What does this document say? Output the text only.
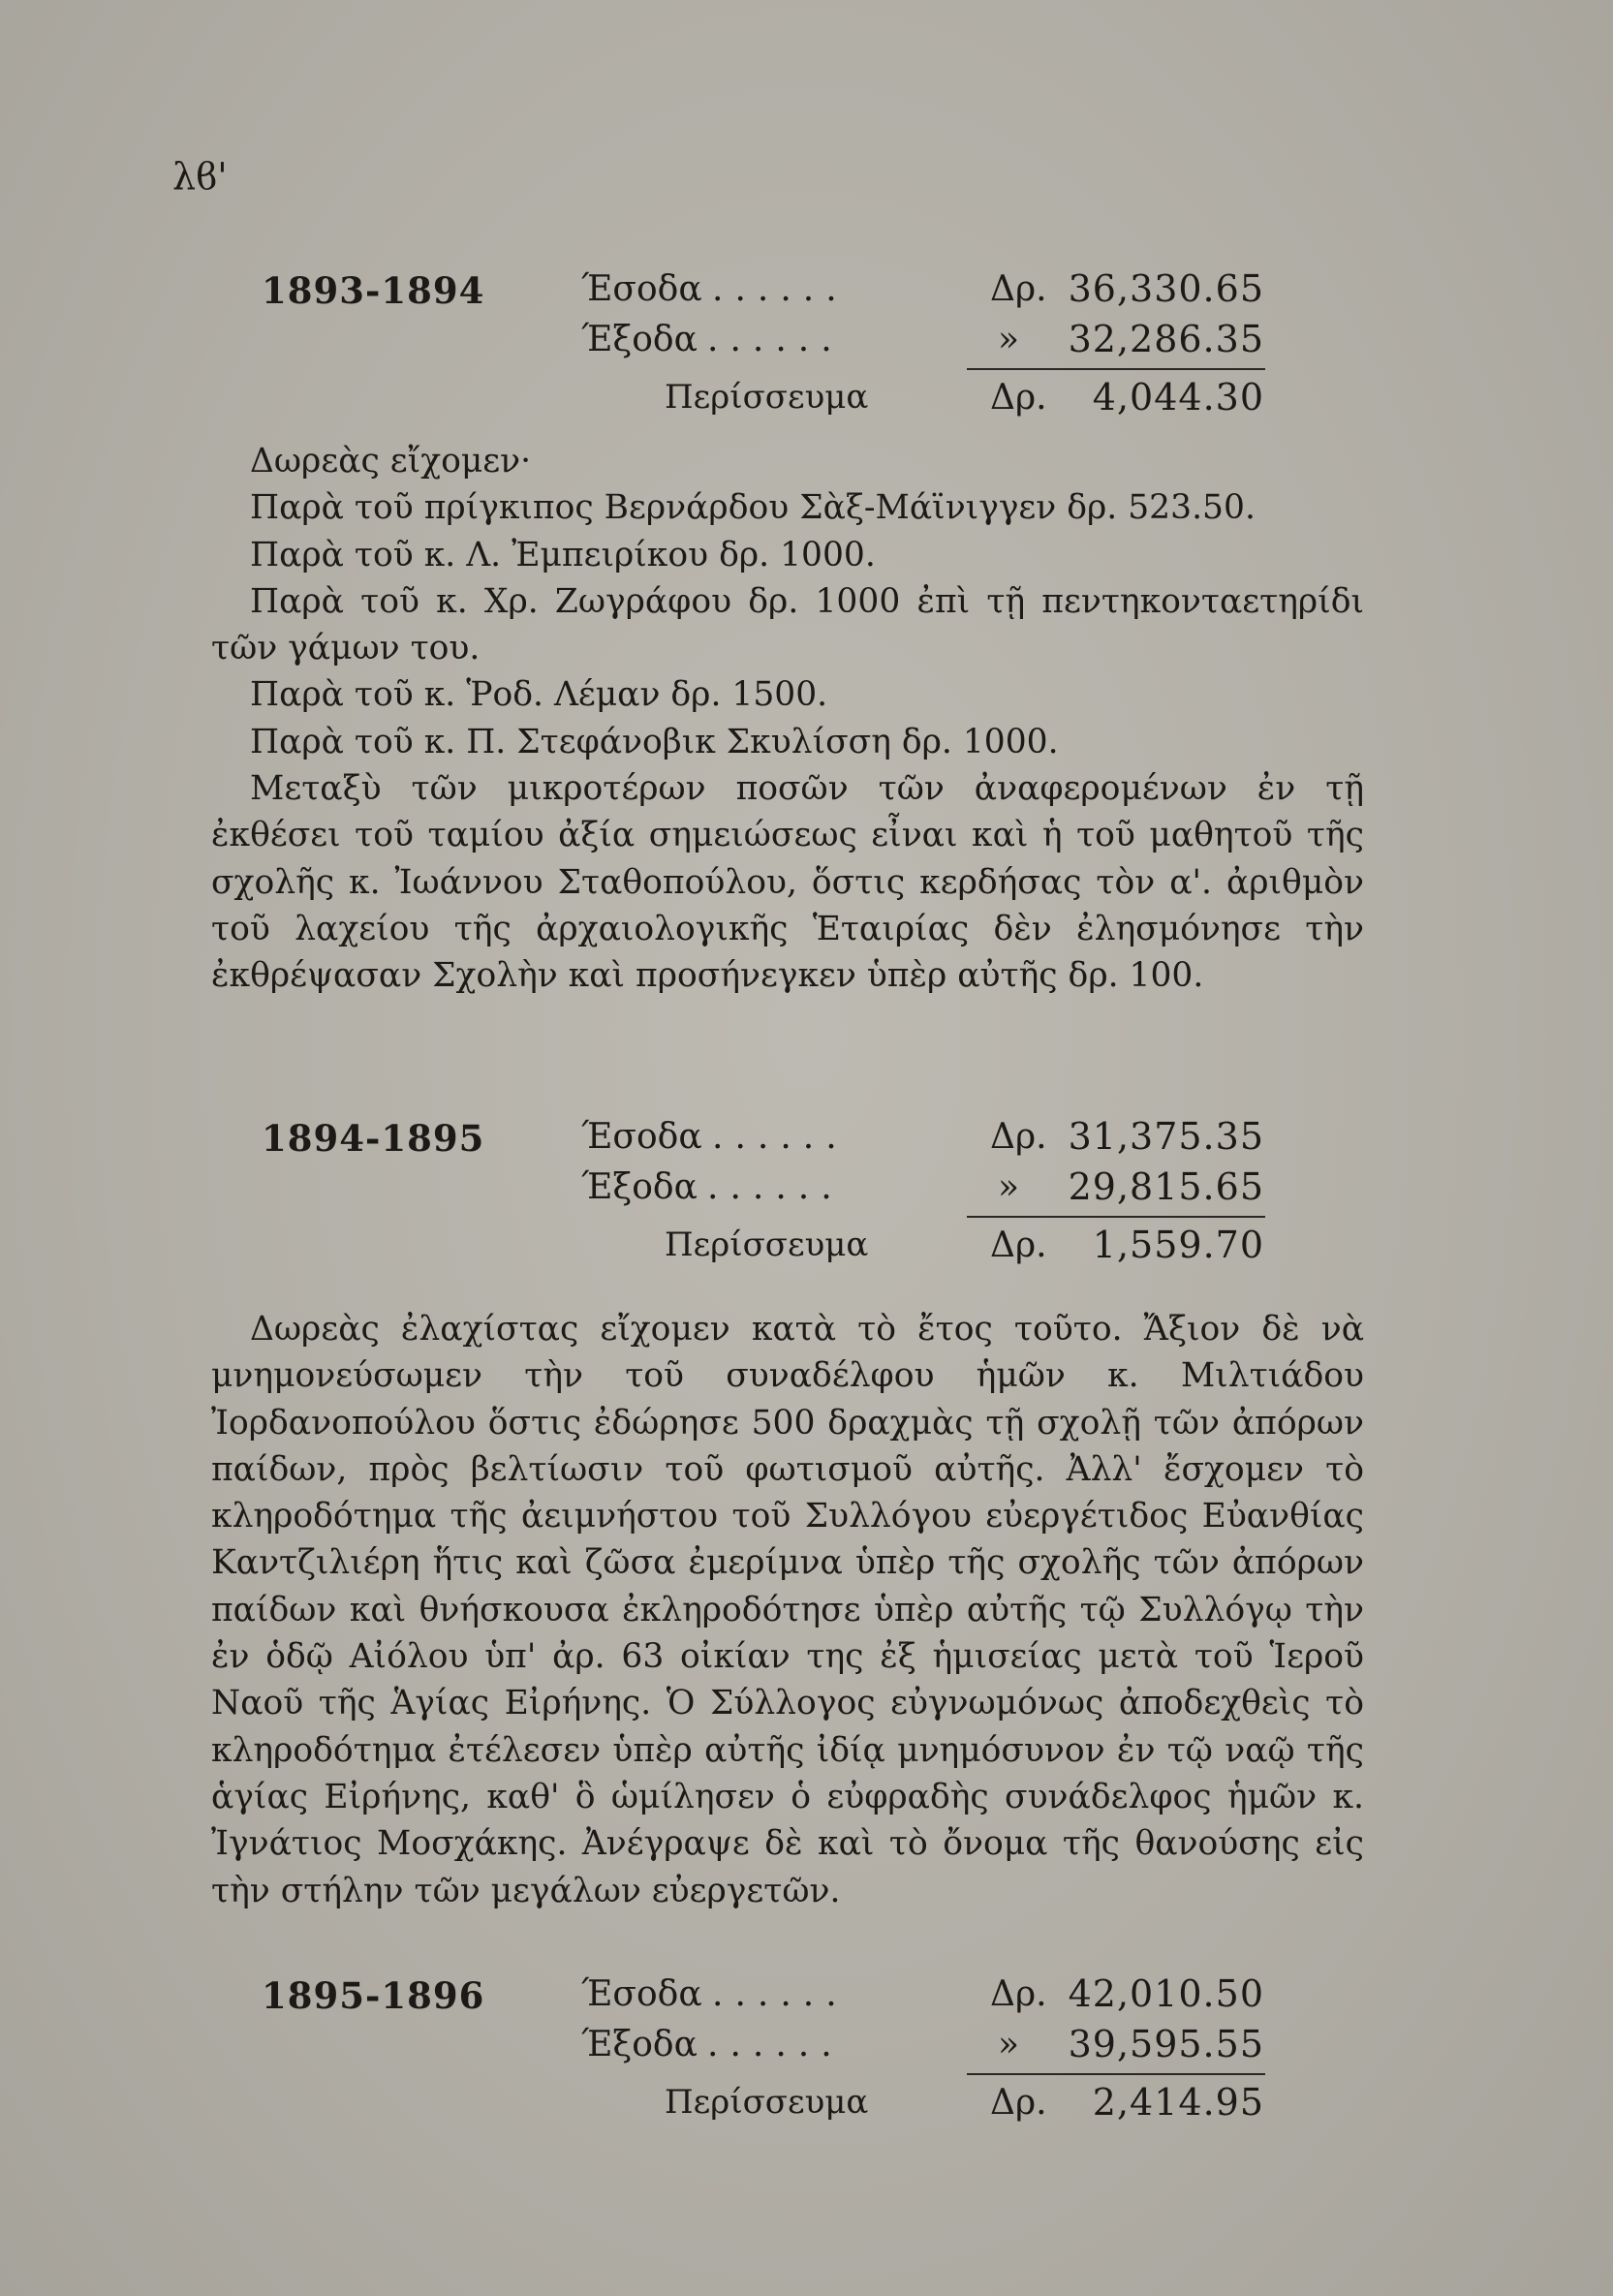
λϐ'
1893-1894	Έσοδα ......	Δρ. 36,330.65
Έξοδα ......	» 32,286.35
Περίσσευμα	Δρ. 4,044.30

Δωρεὰς εἴχομεν·

Παρὰ τοῦ πρίγκιπος Βερνάρδου Σὰξ-Μάϊνιγγεν δρ. 523.50.

Παρὰ τοῦ κ. Λ. Ἐμπειρίκου δρ. 1000.

Παρὰ τοῦ κ. Χρ. Ζωγράφου δρ. 1000 ἐπὶ τῇ πεντηκονταετηρίδι τῶν γάμων του.

Παρὰ τοῦ κ. Ῥοδ. Λέμαν δρ. 1500.

Παρὰ τοῦ κ. Π. Στεφάνοβικ Σκυλίσση δρ. 1000.

Μεταξὺ τῶν μικροτέρων ποσῶν τῶν ἀναφερομένων ἐν τῇ ἐκθέσει τοῦ ταμίου ἀξία σημειώσεως εἶναι καὶ ἡ τοῦ μαθητοῦ τῆς σχολῆς κ. Ἰωάννου Σταθοπούλου, ὅστις κερδήσας τὸν α'. ἀριθμὸν τοῦ λαχείου τῆς ἀρχαιολογικῆς Ἑταιρίας δὲν ἐλησμόνησε τὴν ἐκθρέψασαν Σχολὴν καὶ προσήνεγκεν ὑπὲρ αὐτῆς δρ. 100.

1894-1895	Έσοδα ......	Δρ. 31,375.35
Έξοδα ......	» 29,815.65
Περίσσευμα	Δρ. 1,559.70

Δωρεὰς ἐλαχίστας εἴχομεν κατὰ τὸ ἔτος τοῦτο. Ἄξιον δὲ νὰ μνημονεύσωμεν τὴν τοῦ συναδέλφου ἡμῶν κ. Μιλτιάδου Ἰορδανοπούλου ὅστις ἐδώρησε 500 δραχμὰς τῇ σχολῇ τῶν ἀπόρων παίδων, πρὸς βελτίωσιν τοῦ φωτισμοῦ αὐτῆς. Ἀλλ' ἔσχομεν τὸ κληροδότημα τῆς ἀειμνήστου τοῦ Συλλόγου εὐεργέτιδος Εὐανθίας Καντζιλιέρη ἥτις καὶ ζῶσα ἐμερίμνα ὑπὲρ τῆς σχολῆς τῶν ἀπόρων παίδων καὶ θνήσκουσα ἐκληροδότησε ὑπὲρ αὐτῆς τῷ Συλλόγῳ τὴν ἐν ὁδῷ Αἰόλου ὑπ' ἀρ. 63 οἰκίαν της ἐξ ἡμισείας μετὰ τοῦ Ἱεροῦ Ναοῦ τῆς Ἁγίας Εἰρήνης. Ὁ Σύλλογος εὐγνωμόνως ἀποδεχθεὶς τὸ κληροδότημα ἐτέλεσεν ὑπὲρ αὐτῆς ἰδίᾳ μνημόσυνον ἐν τῷ ναῷ τῆς ἁγίας Εἰρήνης, καθ' ὃ ὡμίλησεν ὁ εὐφραδὴς συνάδελφος ἡμῶν κ. Ἰγνάτιος Μοσχάκης. Ἀνέγραψε δὲ καὶ τὸ ὄνομα τῆς θανούσης εἰς τὴν στήλην τῶν μεγάλων εὐεργετῶν.

1895-1896	Έσοδα ......	Δρ. 42,010.50
Έξοδα ......	» 39,595.55
Περίσσευμα	Δρ. 2,414.95
